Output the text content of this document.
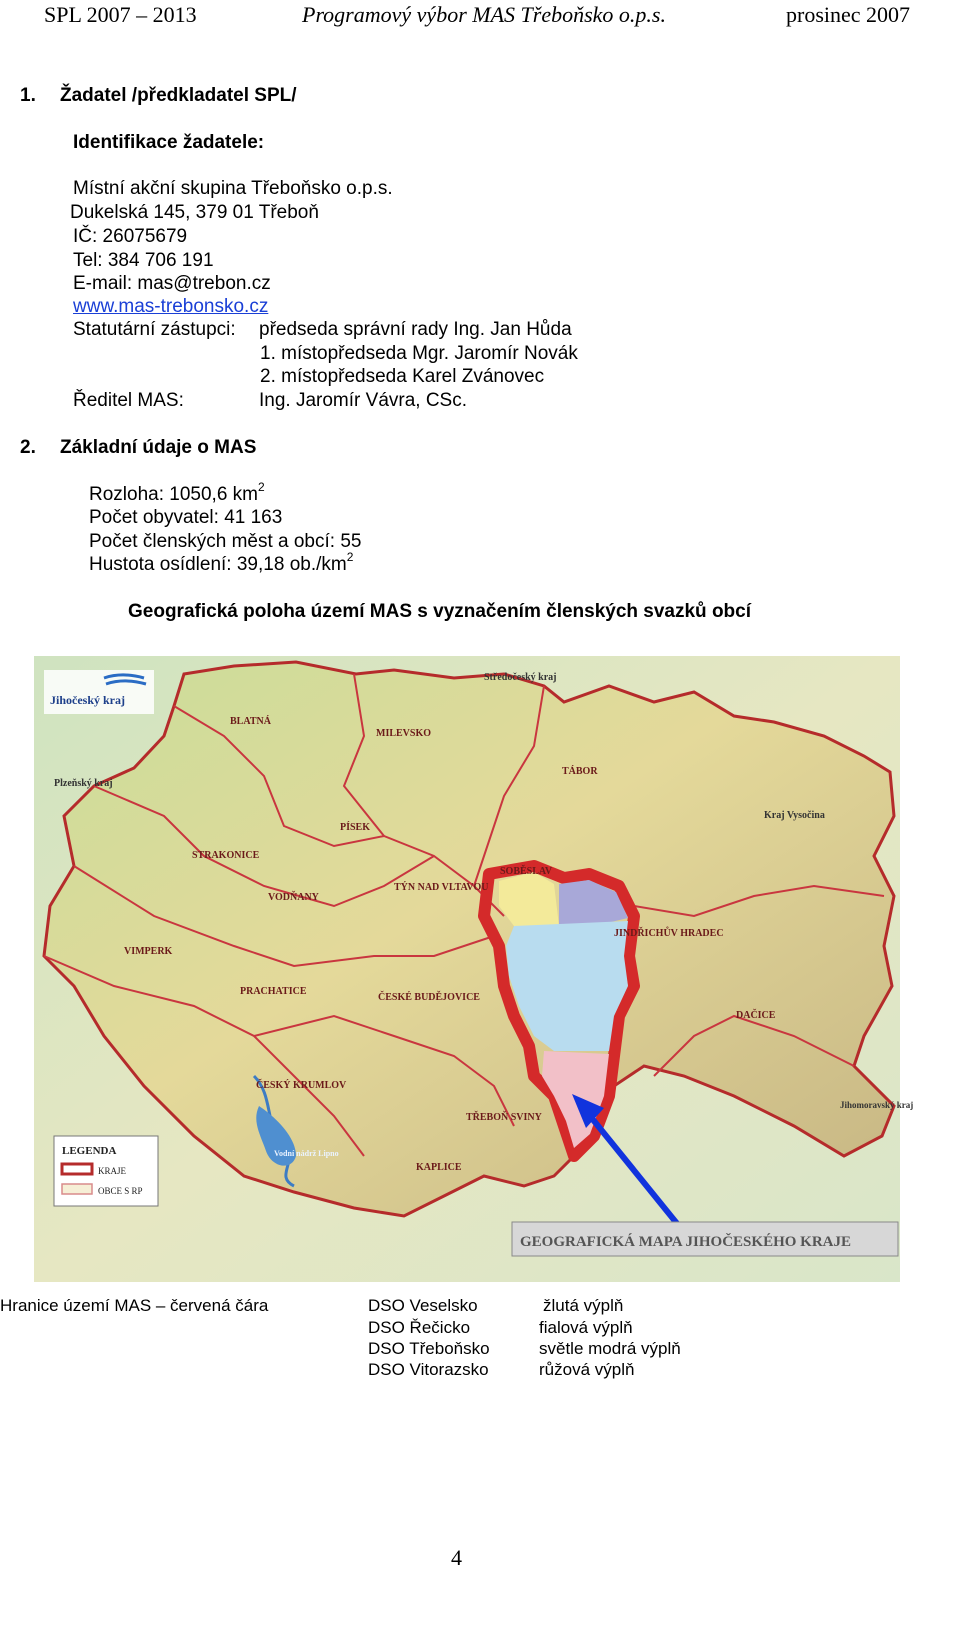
SPL 2007 – 2013	Programový výbor MAS Třeboňsko o.p.s.	prosinec 2007
1. Žadatel /předkladatel SPL/
Identifikace žadatele:
Místní akční skupina Třeboňsko o.p.s.
Dukelská 145, 379 01 Třeboň
IČ: 26075679
Tel: 384 706 191
E-mail: mas@trebon.cz
www.mas-trebonsko.cz
Statutární zástupci: předseda správní rady Ing. Jan Hůda
1. místopředseda Mgr. Jaromír Novák
2. místopředseda Karel Zvánovec
Ředitel MAS:	Ing. Jaromír Vávra, CSc.
2. Základní údaje o MAS
Rozloha: 1050,6 $km^2$
Počet obyvatel: 41 163
Počet členských měst a obcí: 55
Hustota osídlení: 39,18 $ob./km^2$
Geografická poloha území MAS s vyznačením členských svazků obcí
Jihočeský kraj
Středočeský kraj
Plzeňský kraj
Kraj Vysočina
Jihomoravský kraj
BLATNÁ
MILEVSKO
TÁBOR
PÍSEK
STRAKONICE
SOBĚSLAV
TÝN NAD VLTAVOU
VODŇANY
JINDŘICHŮV HRADEC
VIMPERK
PRACHATICE
ČESKÉ BUDĚJOVICE
DAČICE
ČESKÝ KRUMLOV
TŘEBOŇ SVINY
KAPLICE
Vodní nádrž Lipno
LEGENDA
KRAJE
OBCE S RP
GEOGRAFICKÁ MAPA JIHOČESKÉHO KRAJE
Hranice území MAS – červená čára	DSO Veselsko	žlutá výplň
DSO Řečicko	fialová výplň
DSO Třeboňsko	světle modrá výplň
DSO Vitorazsko	růžová výplň
4
